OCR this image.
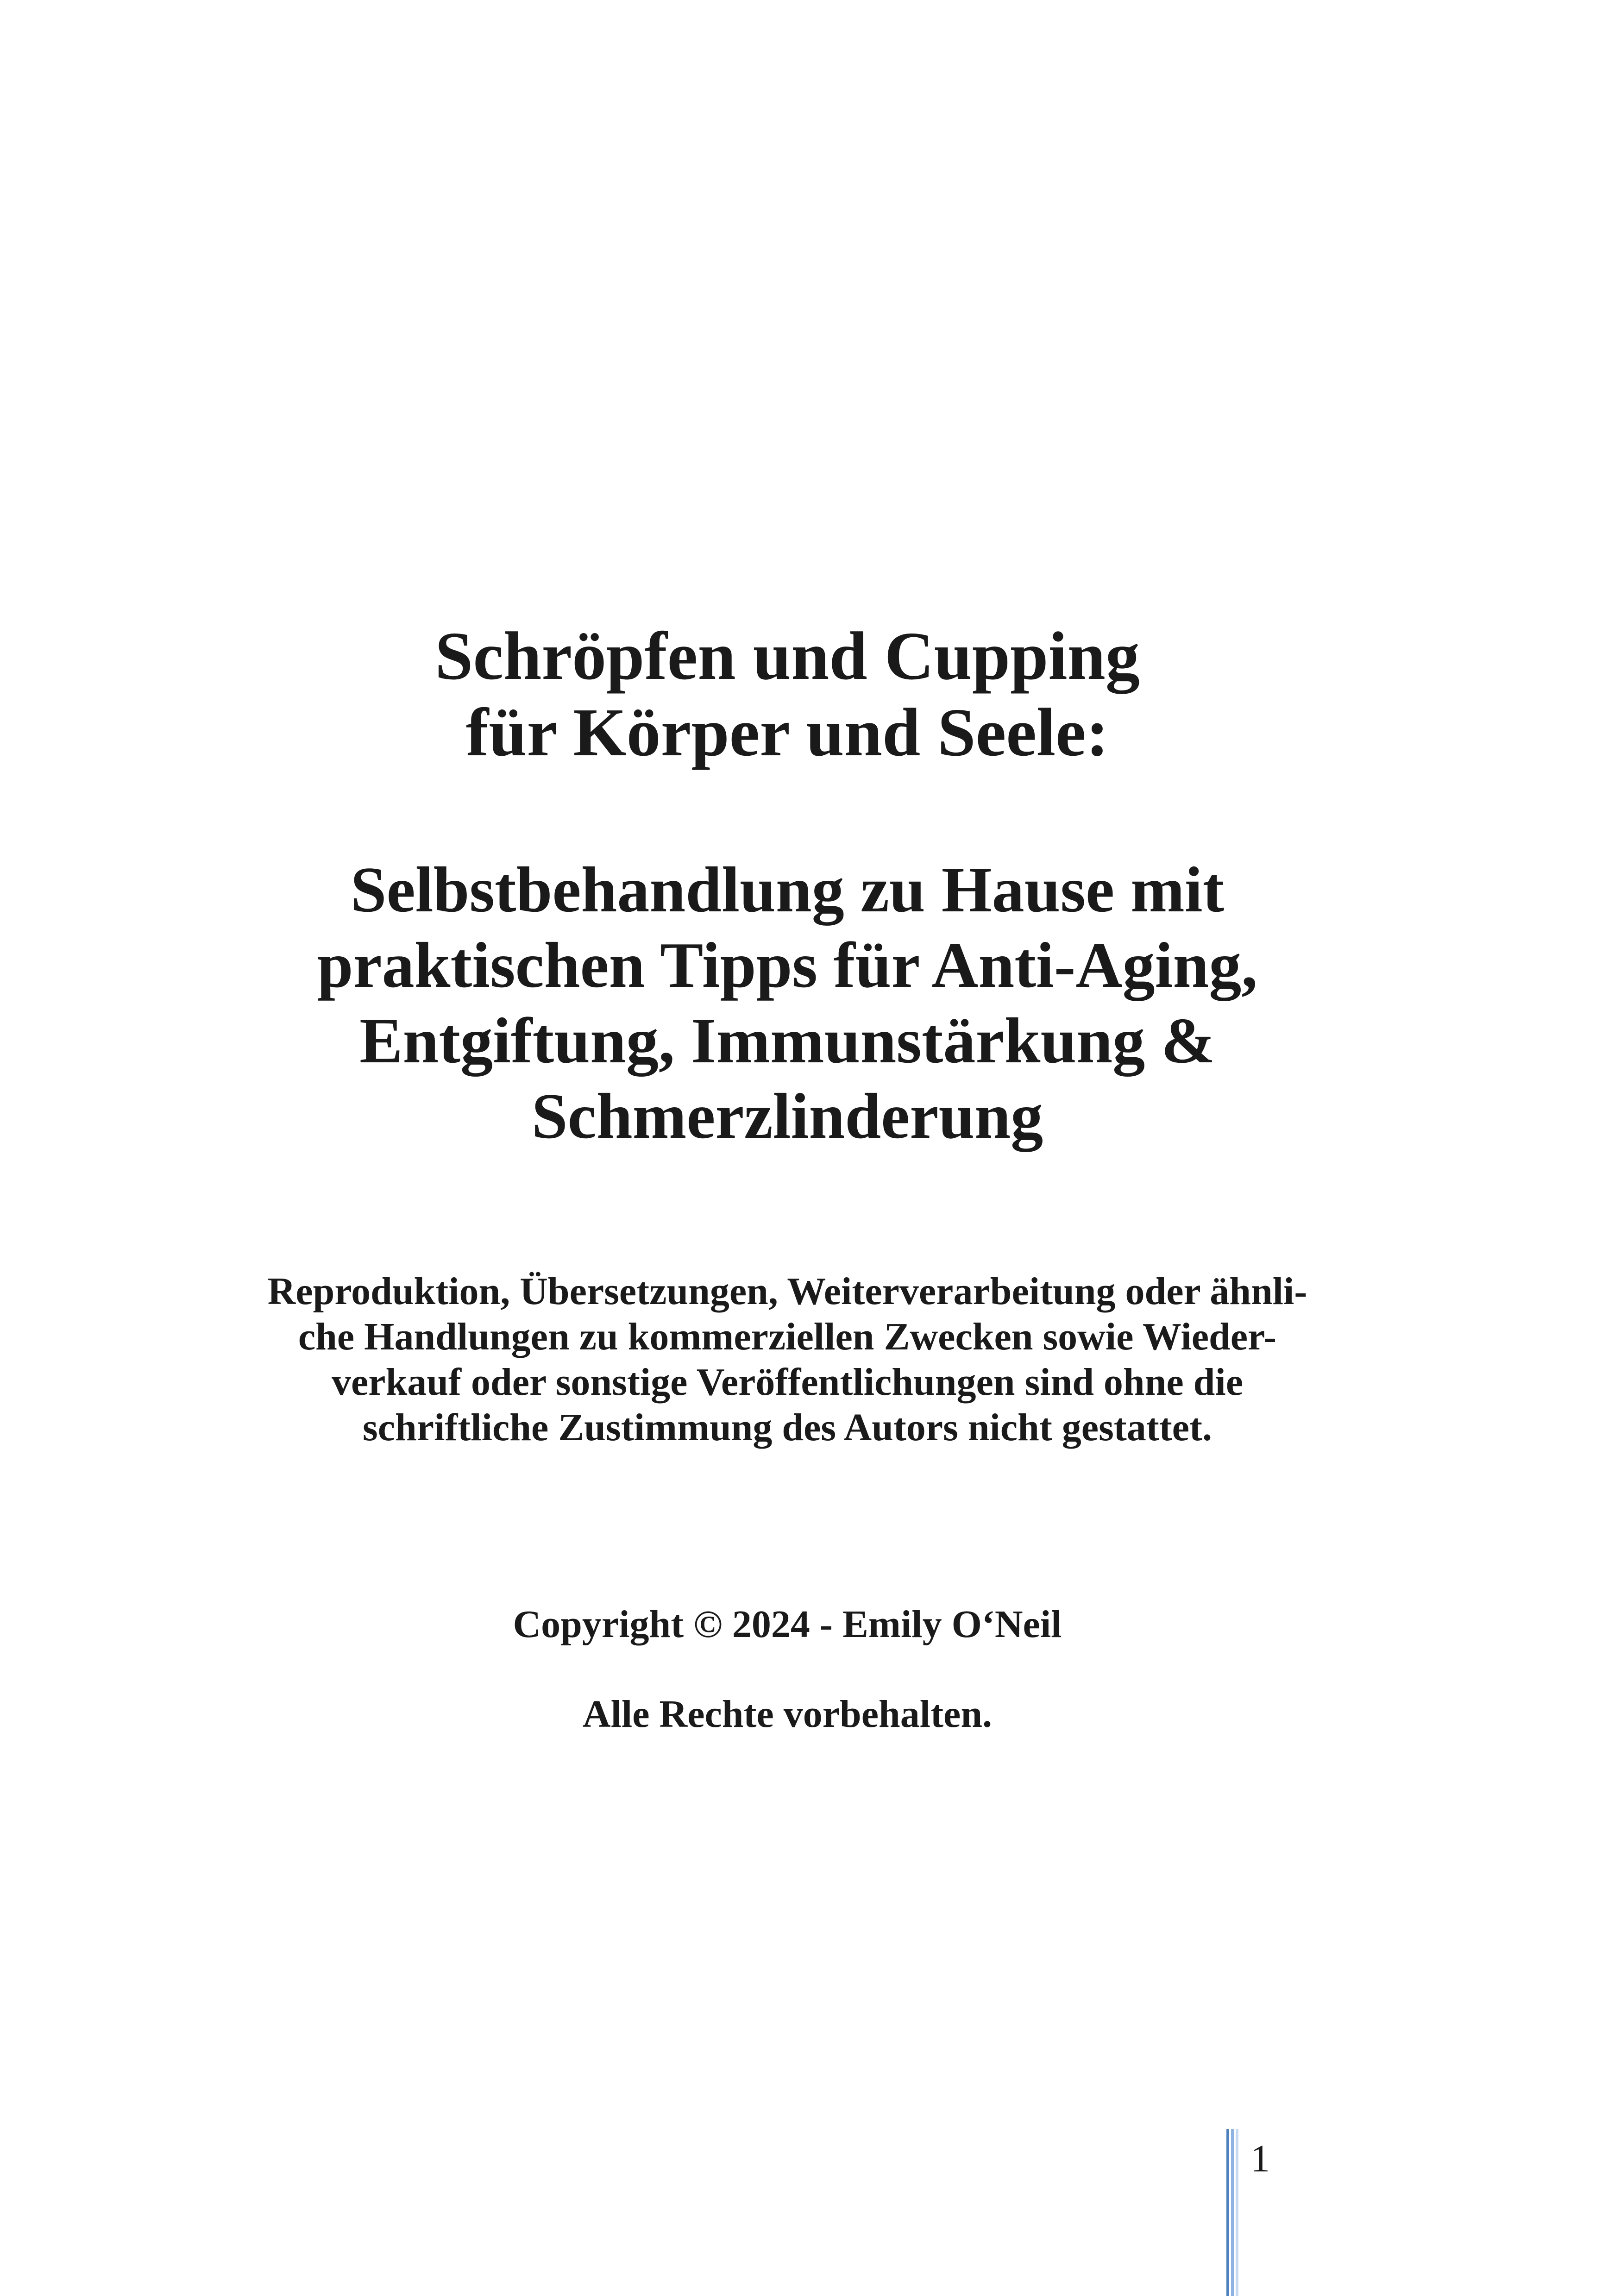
Schröpfen und Cupping
für Körper und Seele:
Selbstbehandlung zu Hause mit
praktischen Tipps für Anti-Aging,
Entgiftung, Immunstärkung &
Schmerzlinderung
Reproduktion, Übersetzungen, Weiterverarbeitung oder ähnli-
che Handlungen zu kommerziellen Zwecken sowie Wieder-
verkauf oder sonstige Veröffentlichungen sind ohne die
schriftliche Zustimmung des Autors nicht gestattet.
Copyright © 2024 - Emily O‘Neil
Alle Rechte vorbehalten.
1
